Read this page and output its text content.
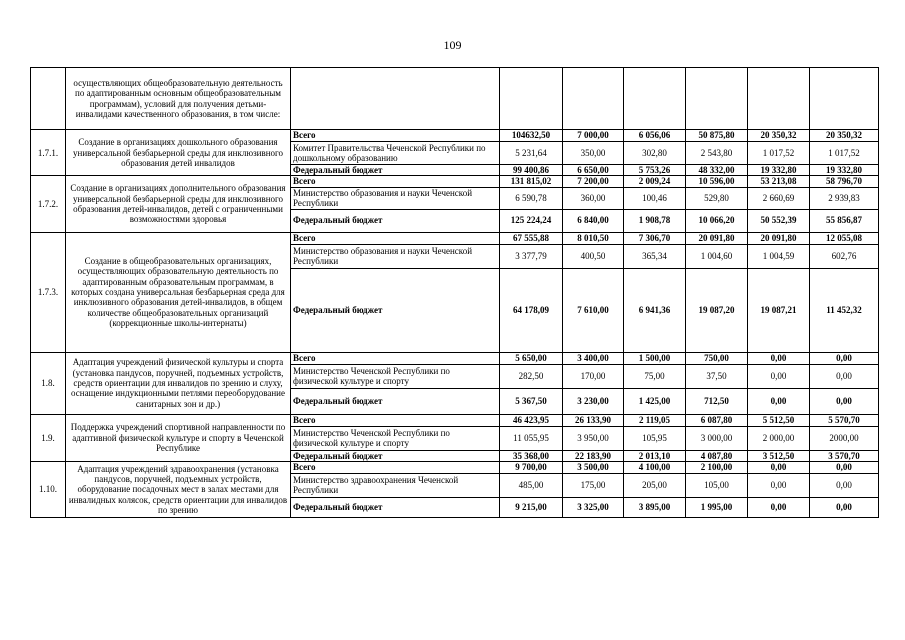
109
	осуществляющих общеобразовательную деятельность по адаптированным основным общеобразовательным программам), условий для получения детьми-инвалидами качественного образования, в том числе:							
1.7.1.	Создание в организациях дошкольного образования универсальной безбарьерной среды для инклюзивного образования детей инвалидов	Всего	104632,50	7 000,00	6 056,06	50 875,80	20 350,32	20 350,32
		Комитет Правительства Чеченской Республики по дошкольному образованию	5 231,64	350,00	302,80	2 543,80	1 017,52	1 017,52
		Федеральный бюджет	99 400,86	6 650,00	5 753,26	48 332,00	19 332,80	19 332,80
1.7.2.	Создание в организациях дополнительного образования универсальной безбарьерной среды для инклюзивного образования детей-инвалидов, детей с ограниченными возможностями здоровья	Всего	131 815,02	7 200,00	2 009,24	10 596,00	53 213,08	58 796,70
		Министерство образования и науки Чеченской Республики	6 590,78	360,00	100,46	529,80	2 660,69	2 939,83
		Федеральный бюджет	125 224,24	6 840,00	1 908,78	10 066,20	50 552,39	55 856,87
1.7.3.	Создание в общеобразовательных организациях, осуществляющих образовательную деятельность по адаптированным образовательным программам, в которых создана универсальная безбарьерная среда для инклюзивного образования детей-инвалидов, в общем количестве общеобразовательных организаций (коррекционные школы-интернаты)	Всего	67 555,88	8 010,50	7 306,70	20 091,80	20 091,80	12 055,08
		Министерство образования и науки Чеченской Республики	3 377,79	400,50	365,34	1 004,60	1 004,59	602,76
		Федеральный бюджет	64 178,09	7 610,00	6 941,36	19 087,20	19 087,21	11 452,32
1.8.	Адаптация учреждений физической культуры и спорта (установка пандусов, поручней, подъемных устройств, средств ориентации для инвалидов по зрению и слуху, оснащение индукционными петлями переоборудование санитарных зон и др.)	Всего	5 650,00	3 400,00	1 500,00	750,00	0,00	0,00
		Министерство Чеченской Республики по физической культуре и спорту	282,50	170,00	75,00	37,50	0,00	0,00
		Федеральный бюджет	5 367,50	3 230,00	1 425,00	712,50	0,00	0,00
1.9.	Поддержка учреждений спортивной направленности по адаптивной физической культуре и спорту в Чеченской Республике	Всего	46 423,95	26 133,90	2 119,05	6 087,80	5 512,50	5 570,70
		Министерство Чеченской Республики по физической культуре и спорту	11 055,95	3 950,00	105,95	3 000,00	2 000,00	2000,00
		Федеральный бюджет	35 368,00	22 183,90	2 013,10	4 087,80	3 512,50	3 570,70
1.10.	Адаптация учреждений здравоохранения (установка пандусов, поручней, подъемных устройств, оборудование посадочных мест в залах местами для инвалидных колясок, средств ориентации для инвалидов по зрению	Всего	9 700,00	3 500,00	4 100,00	2 100,00	0,00	0,00
		Министерство здравоохранения Чеченской Республики	485,00	175,00	205,00	105,00	0,00	0,00
		Федеральный бюджет	9 215,00	3 325,00	3 895,00	1 995,00	0,00	0,00
